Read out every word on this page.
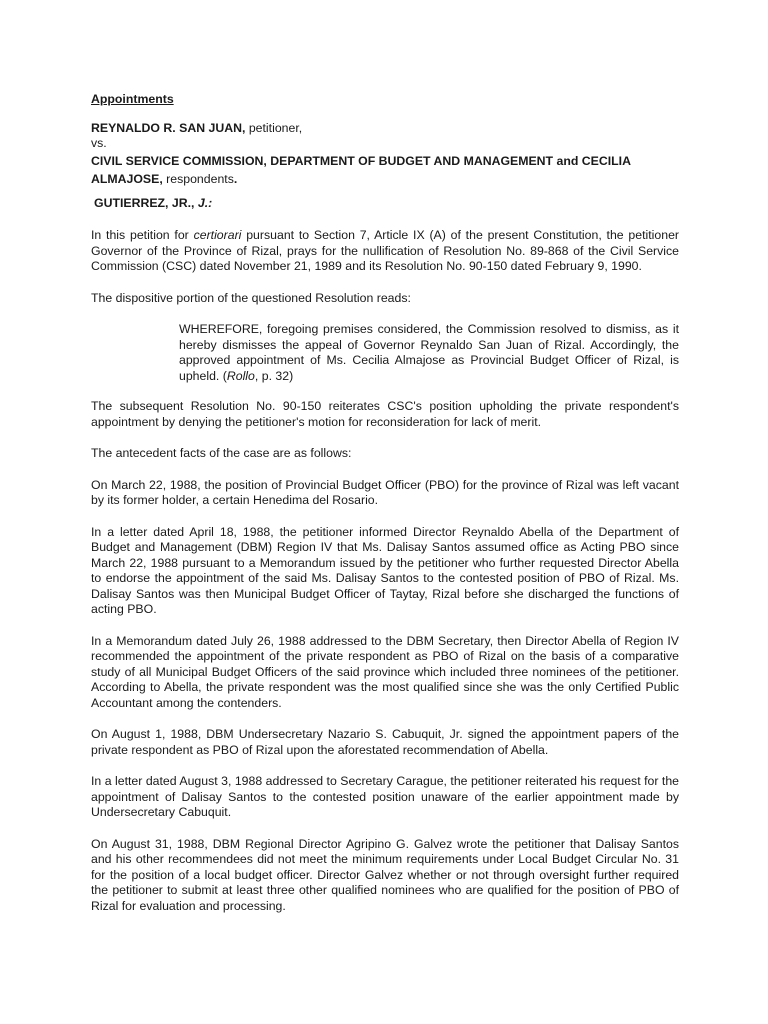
Appointments

REYNALDO R. SAN JUAN, petitioner,

vs.

CIVIL SERVICE COMMISSION, DEPARTMENT OF BUDGET AND MANAGEMENT and CECILIA ALMAJOSE, respondents.

GUTIERREZ, JR., J.:

In this petition for certiorari pursuant to Section 7, Article IX (A) of the present Constitution, the petitioner Governor of the Province of Rizal, prays for the nullification of Resolution No. 89-868 of the Civil Service Commission (CSC) dated November 21, 1989 and its Resolution No. 90-150 dated February 9, 1990.

The dispositive portion of the questioned Resolution reads:

WHEREFORE, foregoing premises considered, the Commission resolved to dismiss, as it hereby dismisses the appeal of Governor Reynaldo San Juan of Rizal. Accordingly, the approved appointment of Ms. Cecilia Almajose as Provincial Budget Officer of Rizal, is upheld. (Rollo, p. 32)

The subsequent Resolution No. 90-150 reiterates CSC's position upholding the private respondent's appointment by denying the petitioner's motion for reconsideration for lack of merit.

The antecedent facts of the case are as follows:

On March 22, 1988, the position of Provincial Budget Officer (PBO) for the province of Rizal was left vacant by its former holder, a certain Henedima del Rosario.

In a letter dated April 18, 1988, the petitioner informed Director Reynaldo Abella of the Department of Budget and Management (DBM) Region IV that Ms. Dalisay Santos assumed office as Acting PBO since March 22, 1988 pursuant to a Memorandum issued by the petitioner who further requested Director Abella to endorse the appointment of the said Ms. Dalisay Santos to the contested position of PBO of Rizal. Ms. Dalisay Santos was then Municipal Budget Officer of Taytay, Rizal before she discharged the functions of acting PBO.

In a Memorandum dated July 26, 1988 addressed to the DBM Secretary, then Director Abella of Region IV recommended the appointment of the private respondent as PBO of Rizal on the basis of a comparative study of all Municipal Budget Officers of the said province which included three nominees of the petitioner. According to Abella, the private respondent was the most qualified since she was the only Certified Public Accountant among the contenders.

On August 1, 1988, DBM Undersecretary Nazario S. Cabuquit, Jr. signed the appointment papers of the private respondent as PBO of Rizal upon the aforestated recommendation of Abella.

In a letter dated August 3, 1988 addressed to Secretary Carague, the petitioner reiterated his request for the appointment of Dalisay Santos to the contested position unaware of the earlier appointment made by Undersecretary Cabuquit.

On August 31, 1988, DBM Regional Director Agripino G. Galvez wrote the petitioner that Dalisay Santos and his other recommendees did not meet the minimum requirements under Local Budget Circular No. 31 for the position of a local budget officer. Director Galvez whether or not through oversight further required the petitioner to submit at least three other qualified nominees who are qualified for the position of PBO of Rizal for evaluation and processing.
